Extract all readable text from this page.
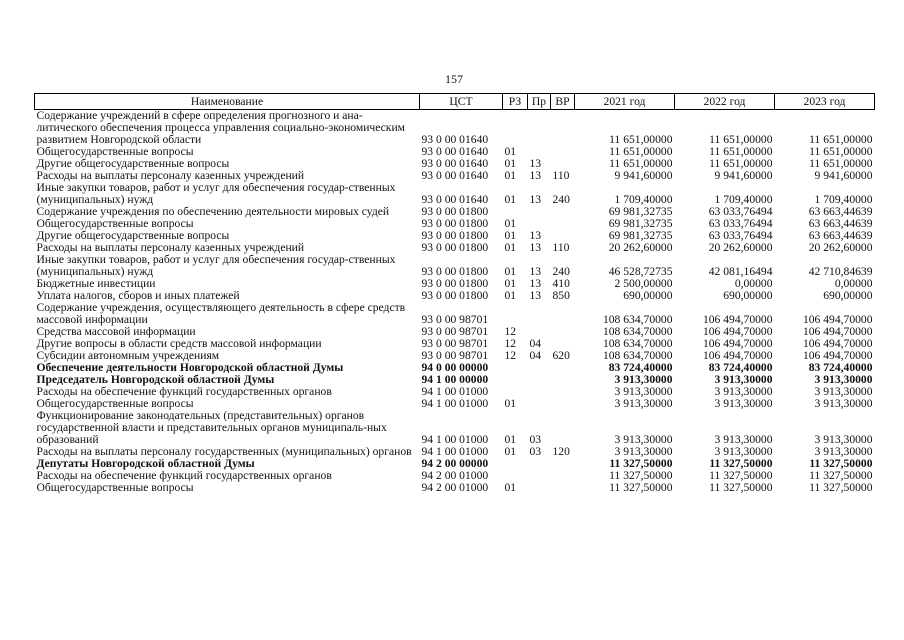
157
Наименование	ЦСТ	РЗ	Пр	ВР	2021 год	2022 год	2023 год
Содержание учреждений в сфере определения прогнозного и ана-литического обеспечения процесса управления социально-экономическим развитием Новгородской области	93 0 00 01640				11 651,00000	11 651,00000	11 651,00000
Общегосударственные вопросы	93 0 00 01640	01			11 651,00000	11 651,00000	11 651,00000
Другие общегосударственные вопросы	93 0 00 01640	01	13		11 651,00000	11 651,00000	11 651,00000
Расходы на выплаты персоналу казенных учреждений	93 0 00 01640	01	13	110	9 941,60000	9 941,60000	9 941,60000
Иные закупки товаров, работ и услуг для обеспечения государ-ственных (муниципальных) нужд	93 0 00 01640	01	13	240	1 709,40000	1 709,40000	1 709,40000
Содержание учреждения по обеспечению деятельности мировых судей	93 0 00 01800				69 981,32735	63 033,76494	63 663,44639
Общегосударственные вопросы	93 0 00 01800	01			69 981,32735	63 033,76494	63 663,44639
Другие общегосударственные вопросы	93 0 00 01800	01	13		69 981,32735	63 033,76494	63 663,44639
Расходы на выплаты персоналу казенных учреждений	93 0 00 01800	01	13	110	20 262,60000	20 262,60000	20 262,60000
Иные закупки товаров, работ и услуг для обеспечения государ-ственных (муниципальных) нужд	93 0 00 01800	01	13	240	46 528,72735	42 081,16494	42 710,84639
Бюджетные инвестиции	93 0 00 01800	01	13	410	2 500,00000	0,00000	0,00000
Уплата налогов, сборов и иных платежей	93 0 00 01800	01	13	850	690,00000	690,00000	690,00000
Содержание учреждения, осуществляющего деятельность в сфере средств массовой информации	93 0 00 98701				108 634,70000	106 494,70000	106 494,70000
Средства массовой информации	93 0 00 98701	12			108 634,70000	106 494,70000	106 494,70000
Другие вопросы в области средств массовой информации	93 0 00 98701	12	04		108 634,70000	106 494,70000	106 494,70000
Субсидии автономным учреждениям	93 0 00 98701	12	04	620	108 634,70000	106 494,70000	106 494,70000
Обеспечение деятельности Новгородской областной Думы	94 0 00 00000				83 724,40000	83 724,40000	83 724,40000
Председатель Новгородской областной Думы	94 1 00 00000				3 913,30000	3 913,30000	3 913,30000
Расходы на обеспечение функций государственных органов	94 1 00 01000				3 913,30000	3 913,30000	3 913,30000
Общегосударственные вопросы	94 1 00 01000	01			3 913,30000	3 913,30000	3 913,30000
Функционирование законодательных (представительных) органов государственной власти и представительных органов муниципаль-ных образований	94 1 00 01000	01	03		3 913,30000	3 913,30000	3 913,30000
Расходы на выплаты персоналу государственных (муниципальных) органов	94 1 00 01000	01	03	120	3 913,30000	3 913,30000	3 913,30000
Депутаты Новгородской областной Думы	94 2 00 00000				11 327,50000	11 327,50000	11 327,50000
Расходы на обеспечение функций государственных органов	94 2 00 01000				11 327,50000	11 327,50000	11 327,50000
Общегосударственные вопросы	94 2 00 01000	01			11 327,50000	11 327,50000	11 327,50000
